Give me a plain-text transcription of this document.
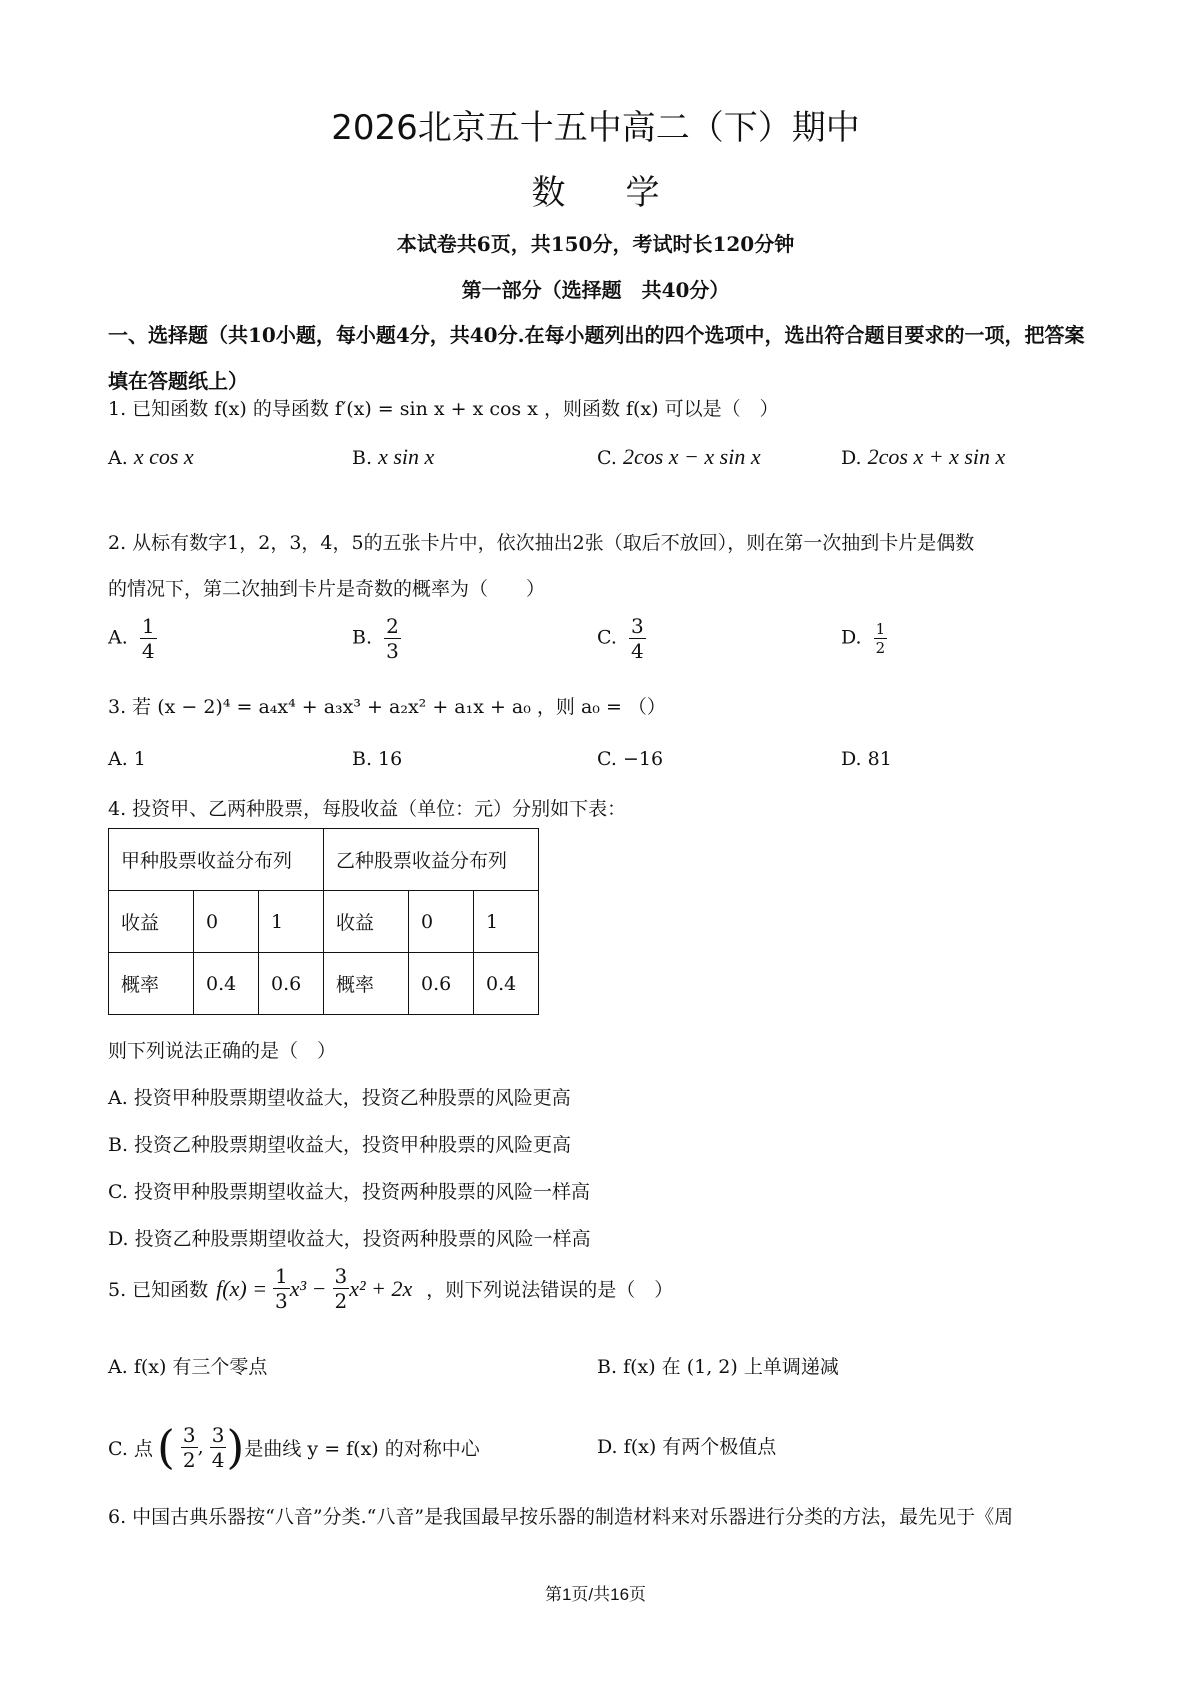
2026北京五十五中高二（下）期中
数学
本试卷共6页，共150分，考试时长120分钟
第一部分（选择题　共40分）
一、选择题（共10小题，每小题4分，共40分.在每小题列出的四个选项中，选出符合题目要求的一项，把答案填在答题纸上）
1. 已知函数 f(x) 的导函数 f′(x) = sin x + x cos x ，则函数 f(x) 可以是（　）
A. x cos x	B. x sin x	C. 2cos x − x sin x	D. 2cos x + x sin x
2. 从标有数字1，2，3，4，5的五张卡片中，依次抽出2张（取后不放回），则在第一次抽到卡片是偶数
的情况下，第二次抽到卡片是奇数的概率为（　　）
A. $\frac{1}{4}$	B. $\frac{2}{3}$	C. $\frac{3}{4}$	D. $\frac{1}{2}$
3. 若 (x − 2)⁴ = a₄x⁴ + a₃x³ + a₂x² + a₁x + a₀ ，则 a₀ = （）
A. 1	B. 16	C. −16	D. 81
4. 投资甲、乙两种股票，每股收益（单位：元）分别如下表：
甲种股票收益分布列			乙种股票收益分布列		
收益	0	1	收益	0	1
概率	0.4	0.6	概率	0.6	0.4
则下列说法正确的是（　）
A. 投资甲种股票期望收益大，投资乙种股票的风险更高
B. 投资乙种股票期望收益大，投资甲种股票的风险更高
C. 投资甲种股票期望收益大，投资两种股票的风险一样高
D. 投资乙种股票期望收益大，投资两种股票的风险一样高
5. 已知函数 $f(x) = \frac{1}{3} x^3 - \frac{3}{2} x^2 + 2x$ ，则下列说法错误的是（　）
A. f(x) 有三个零点	B. f(x) 在 (1, 2) 上单调递减
C. 点 ( $\frac{3}{2}$ , $\frac{3}{4}$ ) 是曲线 y = f(x) 的对称中心	D. f(x) 有两个极值点
6. 中国古典乐器按“八音”分类.“八音”是我国最早按乐器的制造材料来对乐器进行分类的方法，最先见于《周
第1页/共16页
